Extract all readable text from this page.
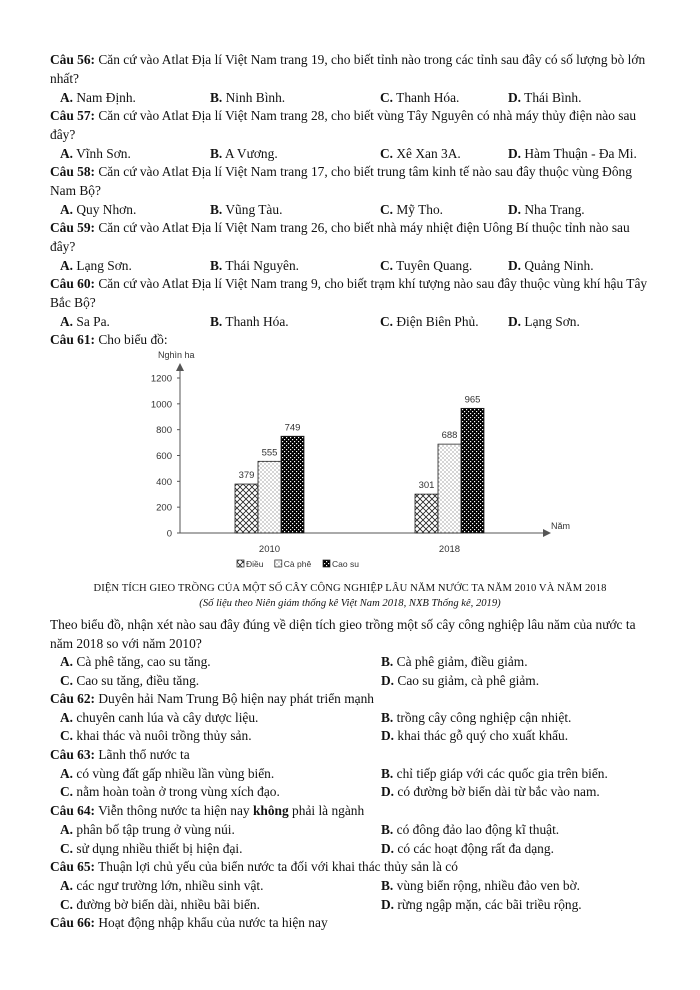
Câu 56: Căn cứ vào Atlat Địa lí Việt Nam trang 19, cho biết tỉnh nào trong các tỉnh sau đây có số lượng bò lớn nhất?
A. Nam Định.	B. Ninh Bình.	C. Thanh Hóa.	D. Thái Bình.
Câu 57: Căn cứ vào Atlat Địa lí Việt Nam trang 28, cho biết vùng Tây Nguyên có nhà máy thủy điện nào sau đây?
A. Vĩnh Sơn.	B. A Vương.	C. Xê Xan 3A.	D. Hàm Thuận - Đa Mi.
Câu 58: Căn cứ vào Atlat Địa lí Việt Nam trang 17, cho biết trung tâm kinh tế nào sau đây thuộc vùng Đông Nam Bộ?
A. Quy Nhơn.	B. Vũng Tàu.	C. Mỹ Tho.	D. Nha Trang.
Câu 59: Căn cứ vào Atlat Địa lí Việt Nam trang 26, cho biết nhà máy nhiệt điện Uông Bí thuộc tỉnh nào sau đây?
A. Lạng Sơn.	B. Thái Nguyên.	C. Tuyên Quang.	D. Quảng Ninh.
Câu 60: Căn cứ vào Atlat Địa lí Việt Nam trang 9, cho biết trạm khí tượng nào sau đây thuộc vùng khí hậu Tây Bắc Bộ?
A. Sa Pa.	B. Thanh Hóa.	C. Điện Biên Phủ. D. Lạng Sơn.
Câu 61: Cho biểu đồ:
Nghìn ha
Năm
0
200
400
600
800
1000
1200
379
555
749
301
688
965
2010	2018
Điều Cà phê Cao su
DIỆN TÍCH GIEO TRỒNG CỦA MỘT SỐ CÂY CÔNG NGHIỆP LÂU NĂM NƯỚC TA NĂM 2010 VÀ NĂM 2018
(Số liệu theo Niên giám thống kê Việt Nam 2018, NXB Thống kê, 2019)
Theo biểu đồ, nhận xét nào sau đây đúng về diện tích gieo trồng một số cây công nghiệp lâu năm của nước ta năm 2018 so với năm 2010?
A. Cà phê tăng, cao su tăng.	B. Cà phê giảm, điều giảm.
C. Cao su tăng, điều tăng.	D. Cao su giảm, cà phê giảm.
Câu 62: Duyên hải Nam Trung Bộ hiện nay phát triển mạnh
A. chuyên canh lúa và cây dược liệu.	B. trồng cây công nghiệp cận nhiệt.
C. khai thác và nuôi trồng thủy sản.	D. khai thác gỗ quý cho xuất khẩu.
Câu 63: Lãnh thổ nước ta
A. có vùng đất gấp nhiều lần vùng biển.	B. chỉ tiếp giáp với các quốc gia trên biển.
C. nằm hoàn toàn ở trong vùng xích đạo.	D. có đường bờ biển dài từ bắc vào nam.
Câu 64: Viễn thông nước ta hiện nay không phải là ngành
A. phân bố tập trung ở vùng núi.	B. có đông đảo lao động kĩ thuật.
C. sử dụng nhiều thiết bị hiện đại.	D. có các hoạt động rất đa dạng.
Câu 65: Thuận lợi chủ yếu của biển nước ta đối với khai thác thủy sản là có
A. các ngư trường lớn, nhiều sinh vật.	B. vùng biển rộng, nhiều đảo ven bờ.
C. đường bờ biển dài, nhiều bãi biển.	D. rừng ngập mặn, các bãi triều rộng.
Câu 66: Hoạt động nhập khẩu của nước ta hiện nay
